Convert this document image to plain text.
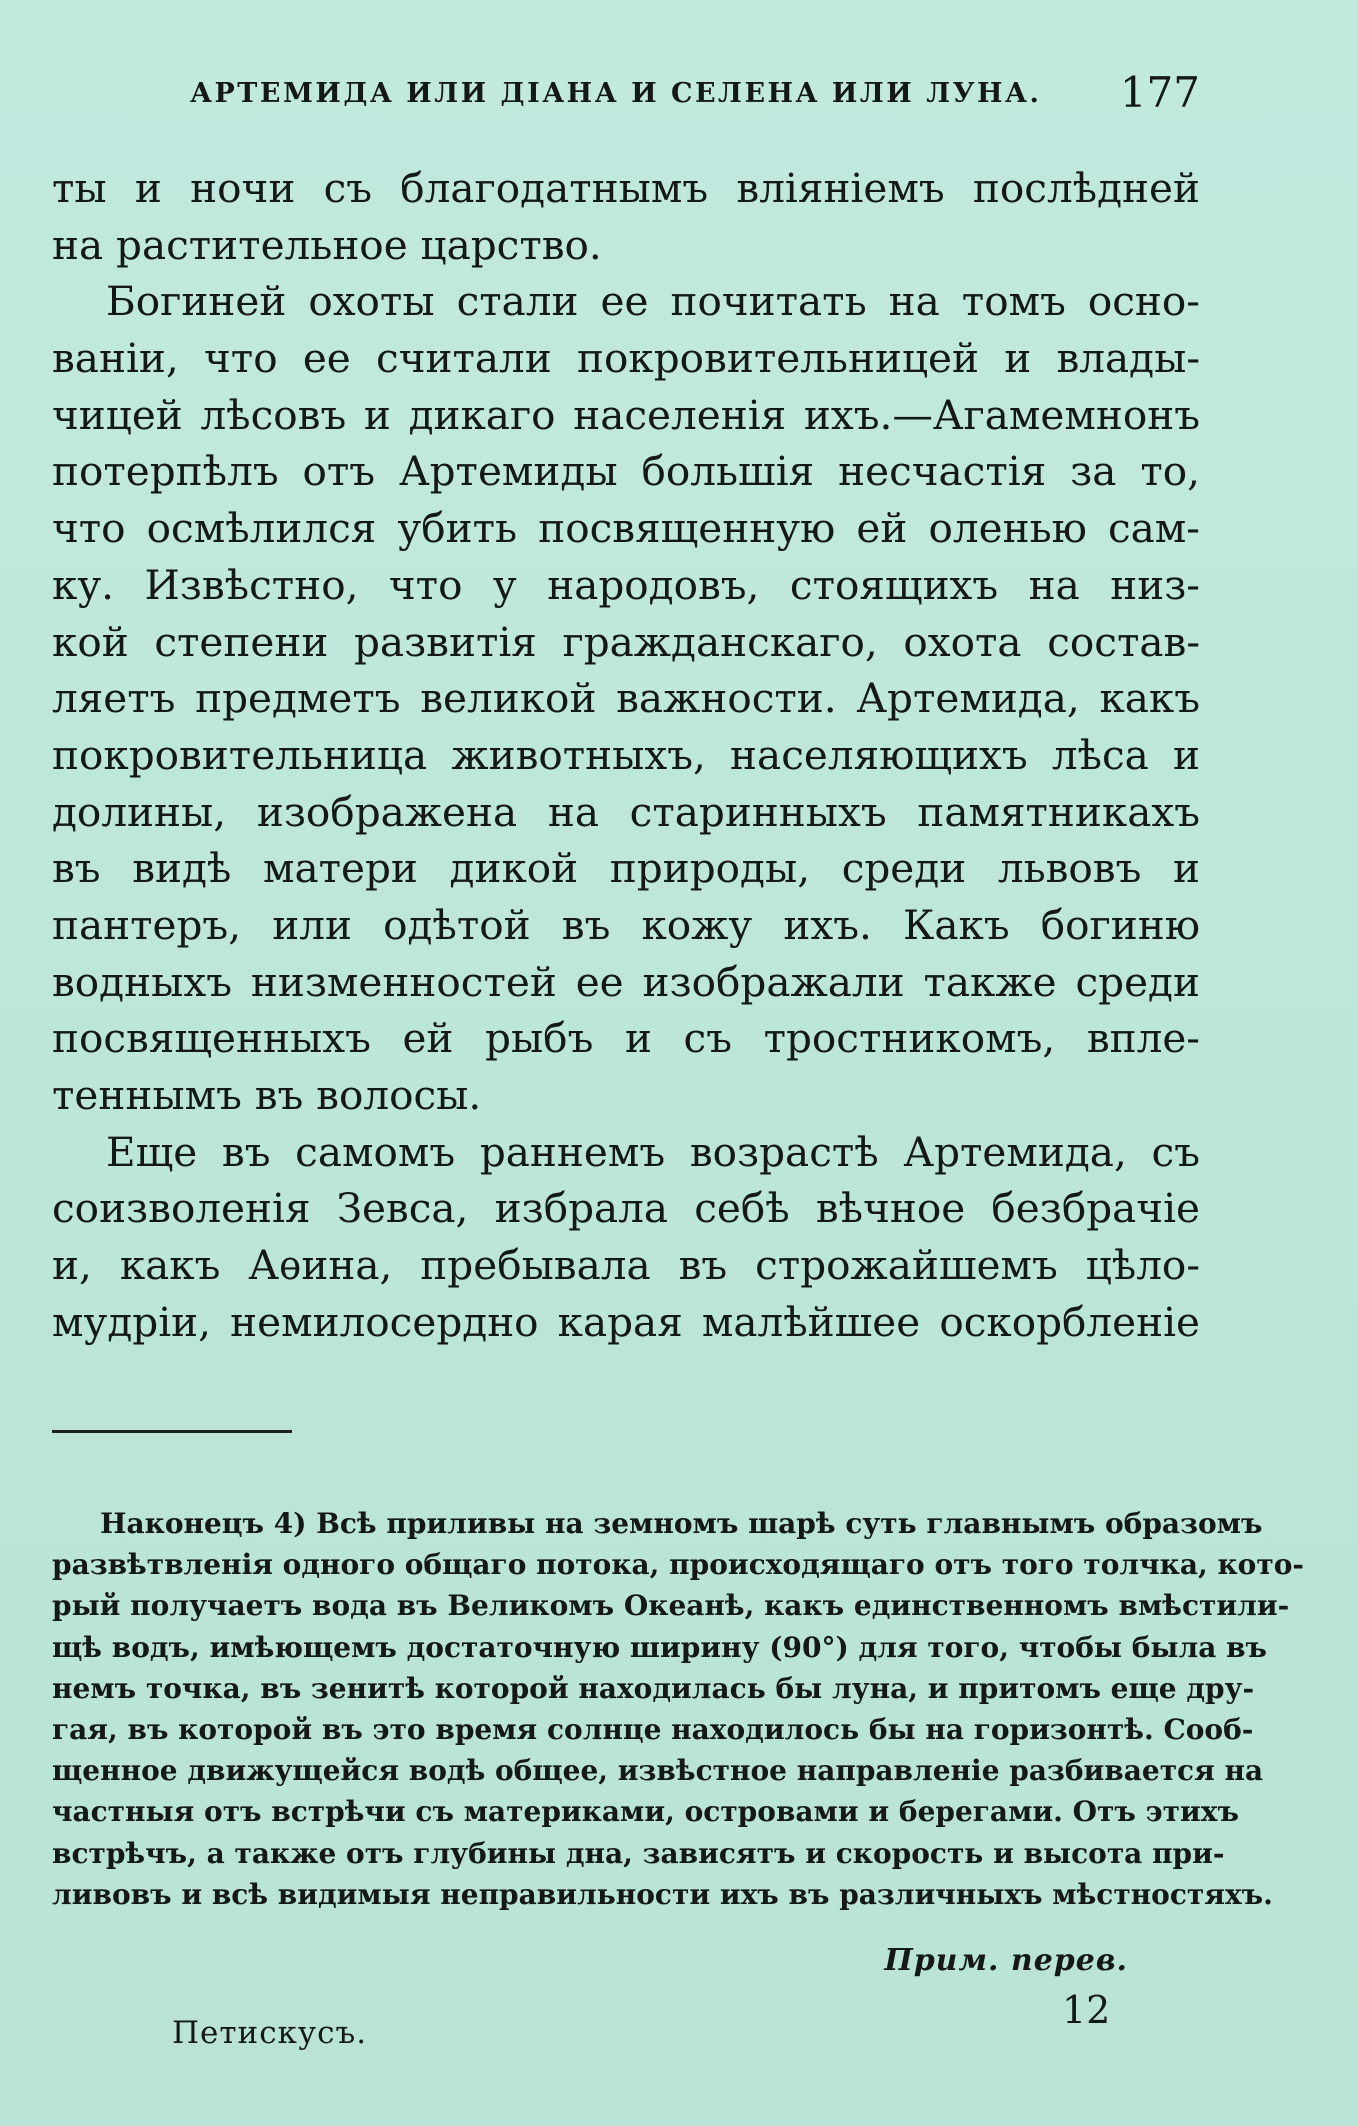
АРТЕМИДА ИЛИ ДІАНА И СЕЛЕНА ИЛИ ЛУНА. 177
ты и ночи съ благодатнымъ вліяніемъ послѣдней
на растительное царство.
Богиней охоты стали ее почитать на томъ осно-
ваніи, что ее считали покровительницей и влады-
чицей лѣсовъ и дикаго населенія ихъ.—Агамемнонъ
потерпѣлъ отъ Артемиды большія несчастія за то,
что осмѣлился убить посвященную ей оленью сам-
ку. Извѣстно, что у народовъ, стоящихъ на низ-
кой степени развитія гражданскаго, охота состав-
ляетъ предметъ великой важности. Артемида, какъ
покровительница животныхъ, населяющихъ лѣса и
долины, изображена на старинныхъ памятникахъ
въ видѣ матери дикой природы, среди львовъ и
пантеръ, или одѣтой въ кожу ихъ. Какъ богиню
водныхъ низменностей ее изображали также среди
посвященныхъ ей рыбъ и съ тростникомъ, впле-
теннымъ въ волосы.
Еще въ самомъ раннемъ возрастѣ Артемида, съ
соизволенія Зевса, избрала себѣ вѣчное безбрачіе
и, какъ Аѳина, пребывала въ строжайшемъ цѣло-
мудріи, немилосердно карая малѣйшее оскорбленіе
Наконецъ 4) Всѣ приливы на земномъ шарѣ суть главнымъ образомъ
развѣтвленія одного общаго потока, происходящаго отъ того толчка, кото-
рый получаетъ вода въ Великомъ Океанѣ, какъ единственномъ вмѣстили-
щѣ водъ, имѣющемъ достаточную ширину (90°) для того, чтобы была въ
немъ точка, въ зенитѣ которой находилась бы луна, и притомъ еще дру-
гая, въ которой въ это время солнце находилось бы на горизонтѣ. Сооб-
щенное движущейся водѣ общее, извѣстное направленіе разбивается на
частныя отъ встрѣчи съ материками, островами и берегами. Отъ этихъ
встрѣчъ, а также отъ глубины дна, зависятъ и скорость и высота при-
ливовъ и всѣ видимыя неправильности ихъ въ различныхъ мѣстностяхъ.
Прим. перев.
Петискусъ.
12
